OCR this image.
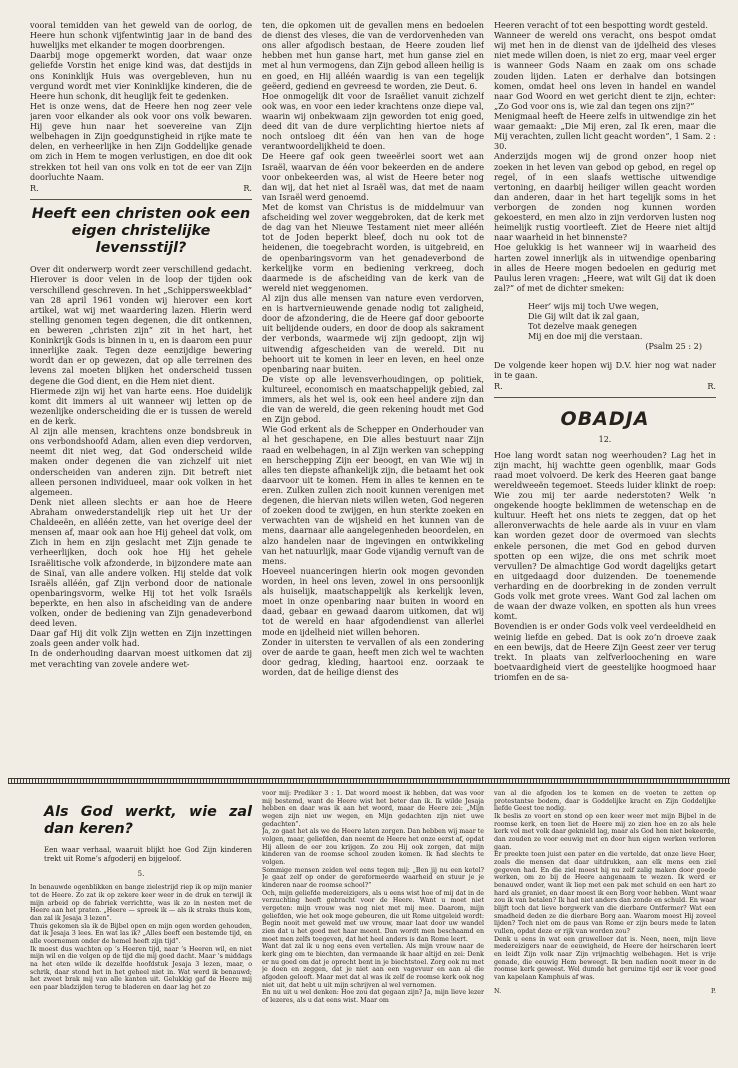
vooral temidden van het geweld van de oorlog, de Heere hun schonk vijfentwintig jaar in de band des huwelijks met elkander te mogen doorbrengen.

Daarbij moge opgemerkt worden, dat waar onze geliefde Vorstin het enige kind was, dat destijds in ons Koninklijk Huis was overgebleven, hun nu vergund wordt met vier Koninklijke kinderen, die de Heere hun schonk, dit heuglijk feit te gedenken.

Het is onze wens, dat de Heere hen nog zeer vele jaren voor elkander als ook voor ons volk bewaren. Hij geve hun naar het soevereine van Zijn welbehagen in Zijn goedgunstigheid in rijke mate te delen, en verheerlijke in hen Zijn Goddelijke genade om zich in Hem te mogen verlustigen, en doe dit ook strekken tot heil van ons volk en tot de eer van Zijn doorluchte Naam.

R.	R.
Heeft een christen ook een eigen christelijke levensstijl?

Over dit onderwerp wordt zeer verschillend gedacht. Hierover is door velen in de loop der tijden ook verschillend geschreven. In het „Schippersweekblad” van 28 april 1961 vonden wij hierover een kort artikel, wat wij met waardering lazen. Hierin werd stelling genomen tegen degenen, die dit ontkennen, en beweren „christen zijn” zit in het hart, het Koninkrijk Gods is binnen in u, en is daarom een puur innerlijke zaak. Tegen deze eenzijdige bewering wordt dan er op gewezen, dat op alle terreinen des levens zal moeten blijken het onderscheid tussen degene die God dient, en die Hem niet dient.

Hiermede zijn wij het van harte eens. Hoe duidelijk komt dit immers al uit wanneer wij letten op de wezenlijke onderscheiding die er is tussen de wereld en de kerk.

Al zijn alle mensen, krachtens onze bondsbreuk in ons verbondshoofd Adam, alien even diep verdorven, neemt dit niet weg, dat God onderscheid wilde maken onder degenen die van zichzelf uit niet onderscheiden van anderen zijn. Dit betreft niet alleen personen individueel, maar ook volken in het algemeen.

Denk niet alleen slechts er aan hoe de Heere Abraham onwederstandelijk riep uit het Ur der Chaldeeën, en alléén zette, van het overige deel der mensen af, maar ook aan hoe Hij geheel dat volk, om Zich in hem en zijn geslacht met Zijn genade te verheerlijken, doch ook hoe Hij het gehele Israëlitische volk afzonderde, in bijzondere mate aan de Sinaï, van alle andere volken. Hij stelde dat volk Israëls alléén, gaf Zijn verbond door de nationale openbaringsvorm, welke Hij tot het volk Israëls beperkte, en hen also in afscheiding van de andere volken, onder de bediening van Zijn genadeverbond deed leven.

Daar gaf Hij dit volk Zijn wetten en Zijn inzettingen zoals geen ander volk had.

In de onderhouding daarvan moest uitkomen dat zij met verachting van zovele andere wet-

ten, die opkomen uit de gevallen mens en bedoelen de dienst des vleses, die van de verdorvenheden van ons aller afgodisch bestaan, de Heere zouden lief hebben met hun ganse hart, met hun ganse ziel en met al hun vermogens, dan Zijn gebod alleen heilig is en goed, en Hij alléén waardig is van een tegelijk geëerd, gediend en gevreesd te worden, zie Deut. 6.

Hoe onmogelijk dit voor de Israëliet vanuit zichzelf ook was, en voor een ieder krachtens onze diepe val, waarin wij onbekwaam zijn geworden tot enig goed, deed dit van de dure verplichting hiertoe niets af noch ontsloeg dit één van hen van de hoge verantwoordelijkheid te doen.

De Heere gaf ook geen tweeërlei soort wet aan Israël, waarvan de één voor bekeerden en de andere voor onbekeerden was, al wist de Heere beter nog dan wij, dat het niet al Israël was, dat met de naam van Israël werd genoemd.

Met de komst van Christus is de middelmuur van afscheiding wel zover weggebroken, dat de kerk met de dag van het Nieuwe Testament niet meer alléén tot de Joden beperkt bleef, doch nu ook tot de heidenen, die toegebracht worden, is uitgebreid, en de openbaringsvorm van het genadeverbond de kerkelijke vorm en bediening verkreeg, doch daarmede is de afscheiding van de kerk van de wereld niet weggenomen.

Al zijn dus alle mensen van nature even verdorven, en is hartvernieuwende genade nodig tot zaligheid, door de afzondering, die de Heere gaf door geboorte uit belijdende ouders, en door de doop als sakrament der verbonds, waarmede wij zijn gedoopt, zijn wij uitwendig afgescheiden van de wereld. Dit nu behoort uit te komen in leer en leven, en heel onze openbaring naar buiten.

De viste op alle levensverhoudingen, op politiek, kultureel, economisch en maatschappelijk gebied, zal immers, als het wel is, ook een heel andere zijn dan die van de wereld, die geen rekening houdt met God en Zijn gebod.

Wie God erkent als de Schepper en Onderhouder van al het geschapene, en Die alles bestuurt naar Zijn raad en welbehagen, in al Zijn werken van schepping en herschepping Zijn eer beoogt, en van Wie wij in alles ten diepste afhankelijk zijn, die betaamt het ook daarvoor uit te komen. Hem in alles te kennen en te eren. Zulken zullen zich nooit kunnen verenigen met degenen, die hiervan niets willen weten, God negeren of zoeken dood te zwijgen, en hun sterkte zoeken en verwachten van de wijsheid en het kunnen van de mens, daarnaar alle aangelegenheden beoordelen, en alzo handelen naar de ingevingen en ontwikkeling van het natuurlijk, maar Gode vijandig vernuft van de mens.

Hoeveel nuanceringen hierin ook mogen gevonden worden, in heel ons leven, zowel in ons persoonlijk als huiselijk, maatschappelijk als kerkelijk leven, moet in onze openbaring naar buiten in woord en daad, gebaar en gewaad daarom uitkomen, dat wij tot de wereld en haar afgodendienst van allerlei mode en ijdelheid niet willen behoren.

Zonder in uitersten te vervallen of als een zondering over de aarde te gaan, heeft men zich wel te wachten door gedrag, kleding, haartooi enz. oorzaak te worden, dat de heilige dienst des

Heeren veracht of tot een bespotting wordt gesteld.

Wanneer de wereld ons veracht, ons bespot omdat wij met hen in de dienst van de ijdelheid des vleses niet mede willen doen, is niet zo erg, maar veel erger is wanneer Gods Naam en zaak om ons schade zouden lijden. Laten er derhalve dan botsingen komen, omdat heel ons leven in handel en wandel naar God Woord en wet gericht dient te zijn, echter: „Zo God voor ons is, wie zal dan tegen ons zijn?”

Menigmaal heeft de Heere zelfs in uitwendige zin het waar gemaakt: „Die Mij eren, zal Ik eren, maar die Mij verachten, zullen licht geacht worden”, 1 Sam. 2 : 30.

Anderzijds mogen wij de grond onzer hoop niet zoeken in het leven van gebod op gebod, en regel op regel, of in een slaafs wettische uitwendige vertoning, en daarbij heiliger willen geacht worden dan anderen, daar in het hart tegelijk soms in het verborgen de zonden nog kunnen worden gekoesterd, en men alzo in zijn verdorven lusten nog heimelijk rustig voortleeft. Ziet de Heere niet altijd naar waarheid in het binnenste?

Hoe gelukkig is het wanneer wij in waarheid des harten zowel innerlijk als in uitwendige openbaring in alles de Heere mogen bedoelen en gedurig met Paulus leren vragen: „Heere, wat wilt Gij dat ik doen zal?” of met de dichter smeken:

Heer’ wijs mij toch Uwe wegen,
Die Gij wilt dat ik zal gaan,
Tot dezelve maak genegen
Mij en doe mij die verstaan.
(Psalm 25 : 2)

De volgende keer hopen wij D.V. hier nog wat nader in te gaan.

R.	R.
OBADJA
12.

Hoe lang wordt satan nog weerhouden? Lag het in zijn macht, hij wachtte geen ogenblik, maar Gods raad moet volvoerd. De kerk des Heeren gaat bange wereldweeën tegemoet. Steeds luider klinkt de roep: Wie zou mij ter aarde nederstoten? Welk ’n ongekende hoogte beklimmen de wetenschap en de kultuur. Heeft het ons niets te zeggen, dat op het alleronverwachts de hele aarde als in vuur en vlam kan worden gezet door de overmoed van slechts enkele personen, die met God en gebod durven spotten op een wijze, die ons met schrik moet vervullen? De almachtige God wordt dagelijks getart en uitgedaagd door duizenden. De toenemende verharding en de doorbreking in de zonden verrult Gods volk met grote vrees. Want God zal lachen om de waan der dwaze volken, en spotten als hun vrees komt.

Bovendien is er onder Gods volk veel verdeeldheid en weinig liefde en gebed. Dat is ook zo’n droeve zaak en een bewijs, dat de Heere Zijn Geest zeer ver terug trekt. In plaats van zelfverloochening en ware boetvaardigheid viert de geestelijke hoogmoed haar triomfen en de sa-

Als God werkt, wie zal dan keren?
Een waar verhaal, waaruit blijkt hoe God Zijn kinderen trekt uit Rome’s afgoderij en bijgeloof.
5.

In benauwde ogenblikken en bange zielestrijd riep ik op mijn manier tot de Heere. Zo zat ik op zekere keer weer in de druk en terwijl ik mijn arbeid op de fabriek verrichtte, was ik zo in nesten met de Heere aan het praten. „Heere — spreek ik — als ik straks thuis kom, dan zal ik Jesaja 3 lezen”.

Thuis gekomen sla ik de Bijbel open en mijn ogen worden gehouden, dat ik Jesaja 3 lees. En wat las ik? „Alles beeft een bestemde tijd, en alle voornemen onder de hemel heeft zijn tijd”.

Ik moest dus wachten op ’s Heeren tijd, naar ’s Heeren wil, en niet mijn wil en die volgen op de tijd die mij goed dacht. Maar ’s middags na het eten wilde ik dezelfde hoofdstuk Jesaja 3 lezen, maar, o schrik, daar stond het in het geheel niet in. Wat werd ik benauwd; het zweet brak mij van alle kanten uit. Gelukkig gaf de Heere mij een paar bladzijden terug te bladeren en daar lag het zo

voor mij: Prediker 3 : 1. Dat woord moest ik hebben, dat was voor mij bestemd, want de Heere wist het beter dan ik. Ik wilde Jesaja hebben en daar was ik aan het woord, maar de Heere zei: „Mijn wegen zijn niet uw wegen, en Mijn gedachten zijn niet uwe gedachten”.

Ja, zo gaat het als we de Heere laten zorgen. Dan hebben wij maar te volgen, maar, geliefden, dan neemt de Heere het onze eerst af, opdat Hij alleen de eer zou krijgen. Zo zou Hij ook zorgen, dat mijn kinderen van de roomse school zouden komen. Ik had slechts te volgen.

Sommige mensen zeiden wel eens tegen mij: „Ben jij nu een ketel? Je gaat zelf op onder de gereformeerde waarheid en stuur je je kinderen naar de roomse school?”

Och, mijn geliefde medereizigers, als u eens wist hoe of mij dat in de verzuchting heeft gebracht voor de Heere. Want u moet niet vergeten: mijn vrouw was nog niet met mij mee. Daarom, mijn geliefden, wie het ook moge gebeuren, die uit Rome uitgeleid wordt: Begin nooit met geweld met uw vrouw, maar laat door uw wandel zien dat u het goed met haar meent. Dan wordt men beschaamd en moet men zelfs toegeven, dat het heel anders is dan Rome leert.

Want dat zal ik u nog eens even vertellen. Als mijn vrouw naar de kerk ging om te biechten, dan vermaande ik haar altijd en zei: Denk er nu goed om dat je oprecht bent in je biechtstoel. Zorg ook nu met je doen en zeggen, dat je niet aan een vagevuur en aan al die afgoden gelooft. Maar met dat al was ik zelf de roomse kerk ook nog niet uit, dat hebt u uit mijn schrijven al wel vernomen.

En nu uit u wel denken: Hoe zou dat gegaan zijn? Ja, mijn lieve lezer of lezeres, als u dat eens wist. Maar om

van al die afgoden los te komen en de voeten te zetten op protestantse bodem, daar is Goddelijke kracht en Zijn Goddelijke liefde Geest toe nodig.

Ik beslis zo voort en stond op een keer weer met mijn Bijbel in de roomse kerk, en toen liet de Heere mij zo zien hoe en zo als hele kerk vol met volk daar geknield lag, maar als God hen niet bekeerde, dan zouden ze voor eeuwig met en door hun eigen werken verloren gaan.

Er preekte toen juist een pater en die vertelde, dat onze lieve Heer, zoals die mensen dat daar uitdrukken, aan elk mens een ziel gegeven had. En die ziel moest hij nu zelf zalig maken door goede werken, om zo bij de Heere aangenaam te wezen. Ik werd er benauwd onder, want ik liep met een pak met schuld en een hart zo hard als graniet, en daar moest ik een Borg voor hebben. Want waar zou ik van betalen? Ik had niet anders dan zonde en schuld. En waar blijft toch dat lieve borgwerk van die dierbare Ontfermer? Wat een smadheid deden ze die dierbare Borg aan. Waarom moest Hij zoveel lijden? Toch niet om de paus van Rome er zijn beurs mede te laten vullen, opdat deze er rijk van worden zou?

Denk u eens in wat een gruwelloer dat is. Neen, neen, mijn lieve medereizigers naar de eeuwigheid, de Heere der heirscharen leert en leidt Zijn volk naar Zijn vrijmachtig welbehagen. Het is vrije genade, die eeuwig Hem beweegt. Ik ben nadien nooit meer in de roomse kerk geweest. Wel dumde het geruime tijd eer ik voor goed van kapelaan Kamphuis af was.

N.	P.
